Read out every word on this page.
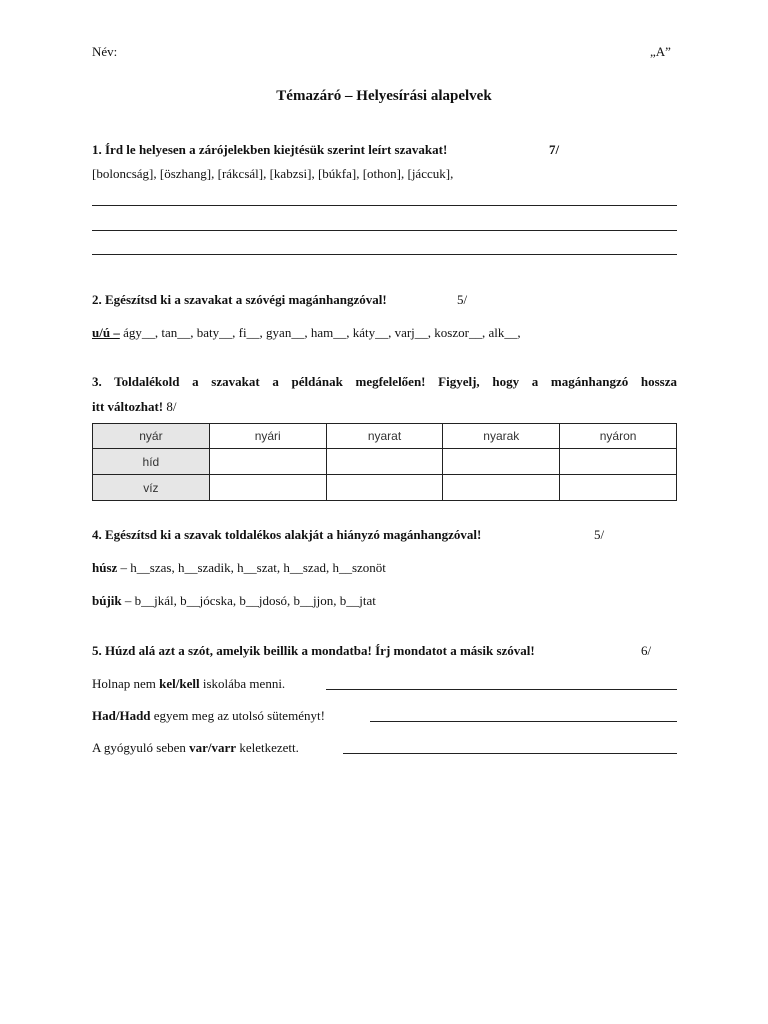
Név:	„A”
Témazáró – Helyesírási alapelvek
1. Írd le helyesen a zárójelekben kiejtésük szerint leírt szavakat!	7/
[boloncság], [öszhang], [rákcsál], [kabzsi], [búkfa], [othon], [jáccuk],
2. Egészítsd ki a szavakat a szóvégi magánhangzóval!	5/
u/ú – ágy__, tan__, baty__, fi__, gyan__, ham__, káty__, varj__, koszor__, alk__,
3. Toldalékold a szavakat a példának megfelelően! Figyelj, hogy a magánhangzó hossza
itt változhat! 8/
nyár	nyári	nyarat	nyarak	nyáron
híd				
víz				
4. Egészítsd ki a szavak toldalékos alakját a hiányzó magánhangzóval!	5/
húsz – h__szas, h__szadik, h__szat, h__szad, h__szonöt
bújik – b__jkál, b__jócska, b__jdosó, b__jjon, b__jtat
5. Húzd alá azt a szót, amelyik beillik a mondatba! Írj mondatot a másik szóval!	6/
Holnap nem kel/kell iskolába menni.
Had/Hadd egyem meg az utolsó süteményt!
A gyógyuló seben var/varr keletkezett.
